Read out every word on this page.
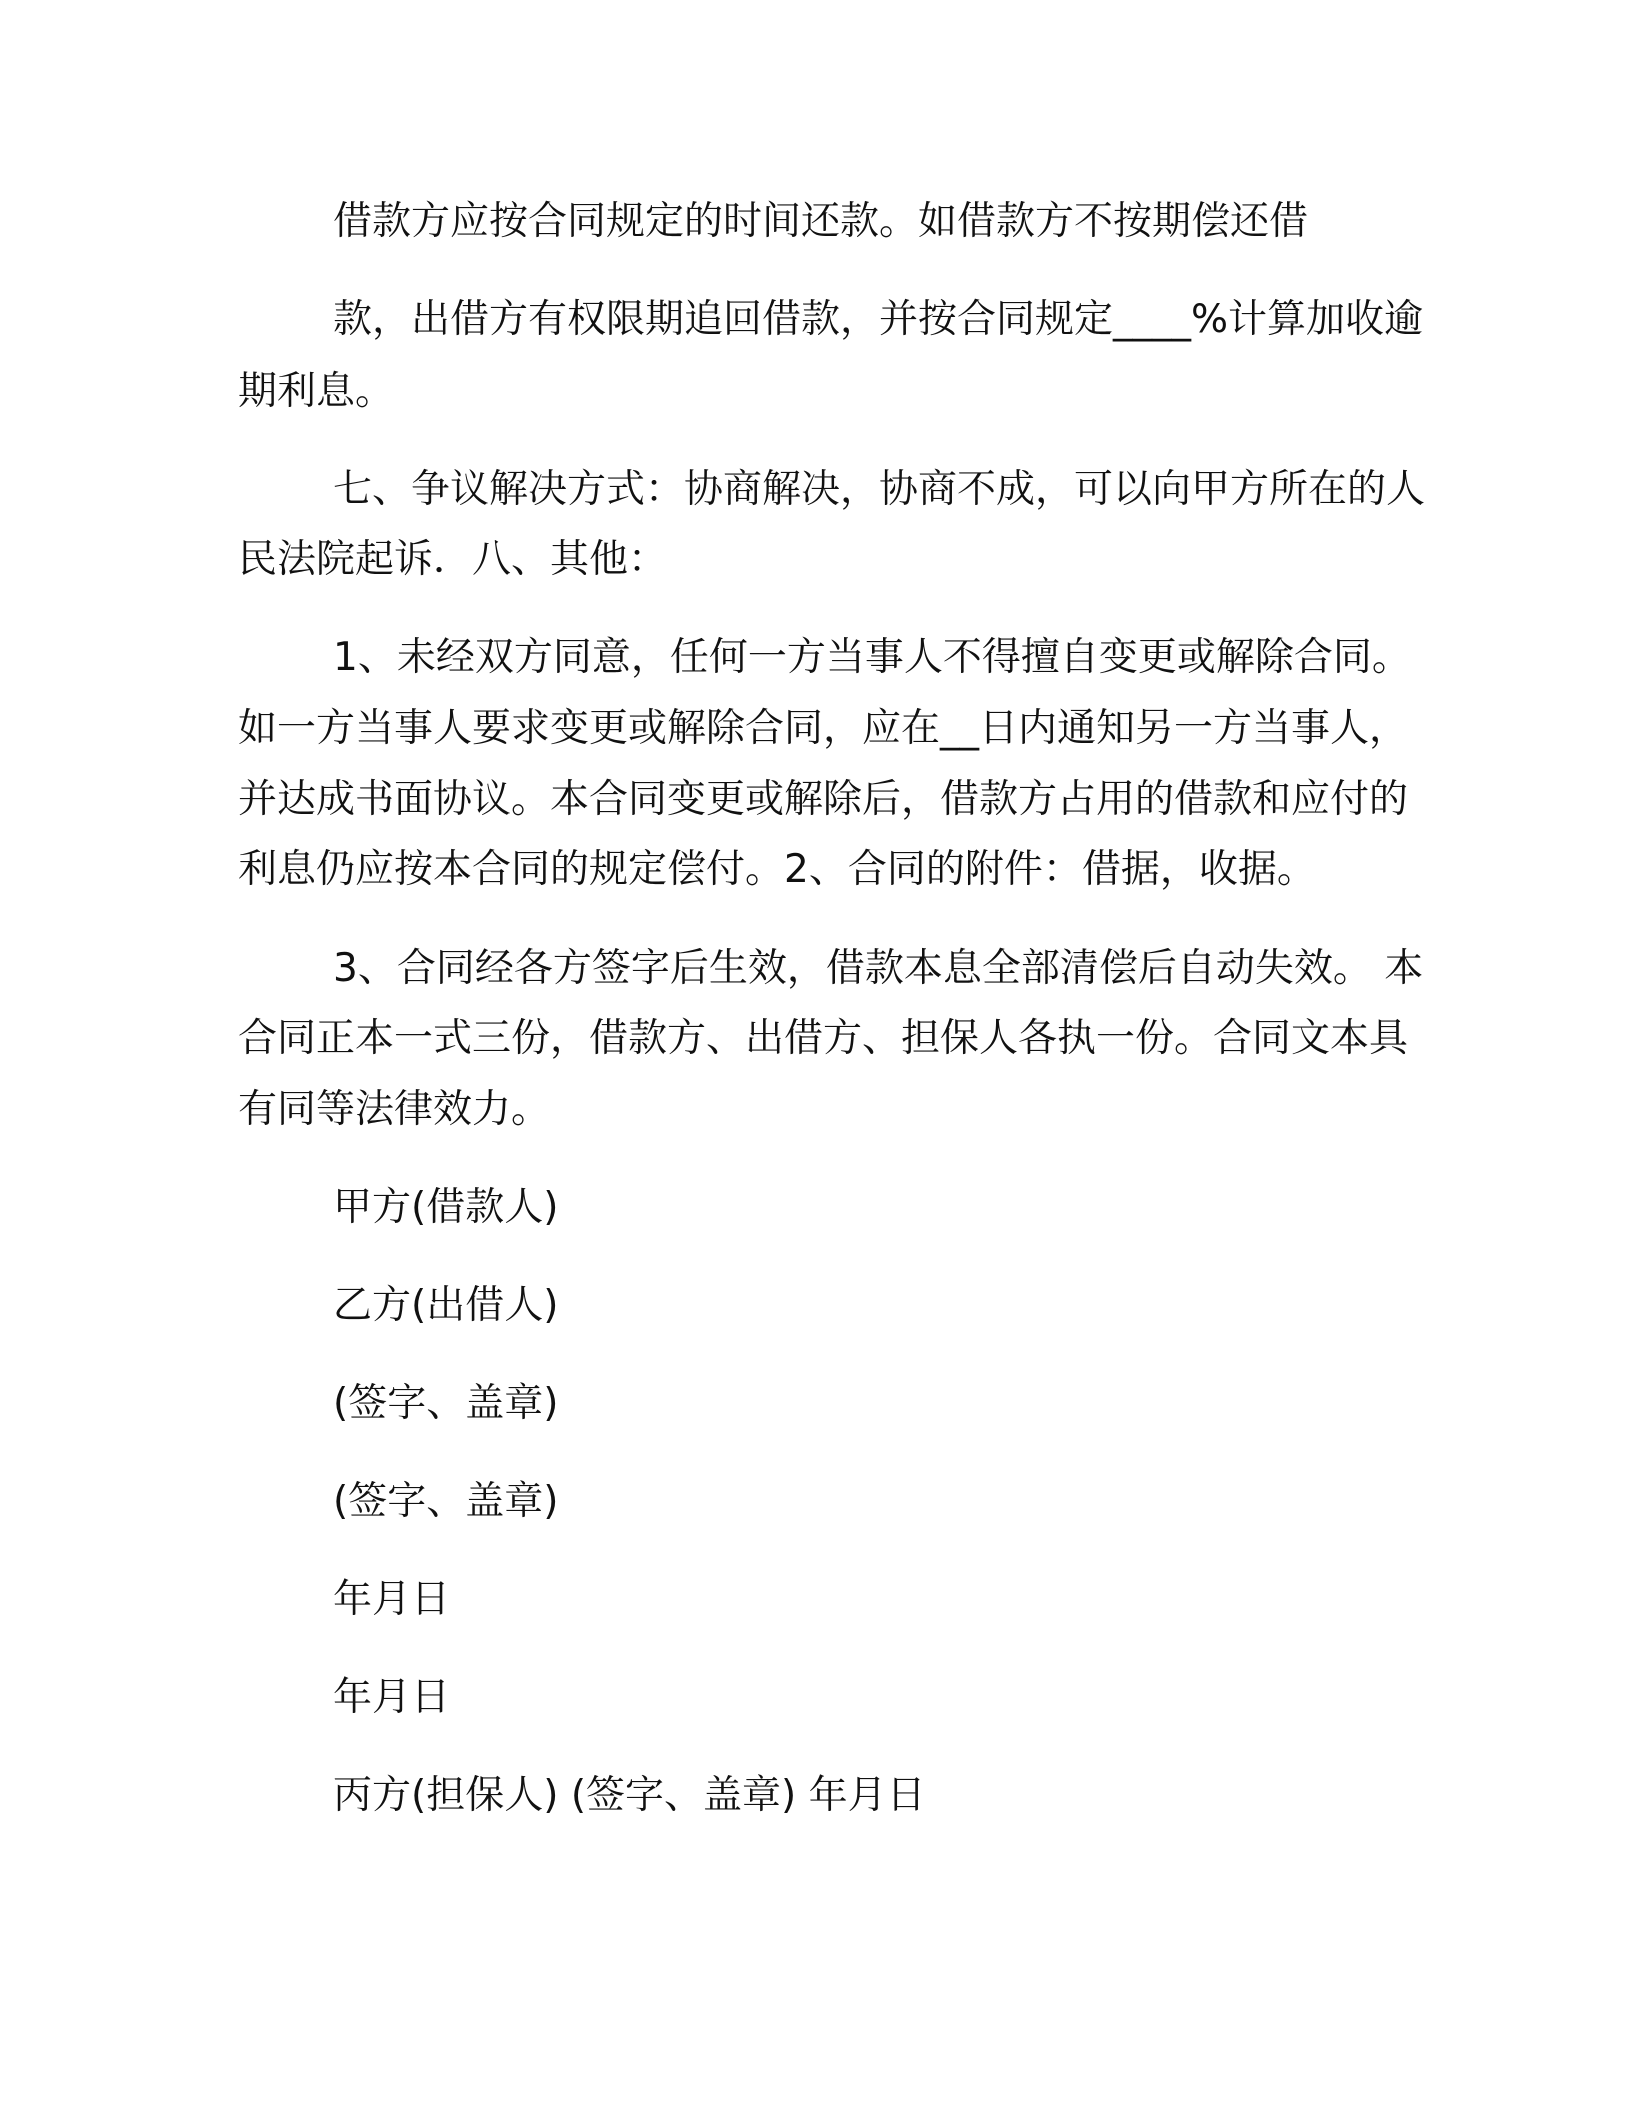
借款方应按合同规定的时间还款。如借款方不按期偿还借
款，出借方有权限期追回借款，并按合同规定____%计算加收逾
期利息。
七、争议解决方式：协商解决，协商不成，可以向甲方所在的人
民法院起诉．八、其他：
1、未经双方同意，任何一方当事人不得擅自变更或解除合同。
如一方当事人要求变更或解除合同，应在__日内通知另一方当事人，
并达成书面协议。本合同变更或解除后，借款方占用的借款和应付的
利息仍应按本合同的规定偿付。2、合同的附件：借据，收据。
3、合同经各方签字后生效，借款本息全部清偿后自动失效。 本
合同正本一式三份，借款方、出借方、担保人各执一份。合同文本具
有同等法律效力。
甲方(借款人)
乙方(出借人)
(签字、盖章)
(签字、盖章)
年月日
年月日
丙方(担保人) (签字、盖章) 年月日
